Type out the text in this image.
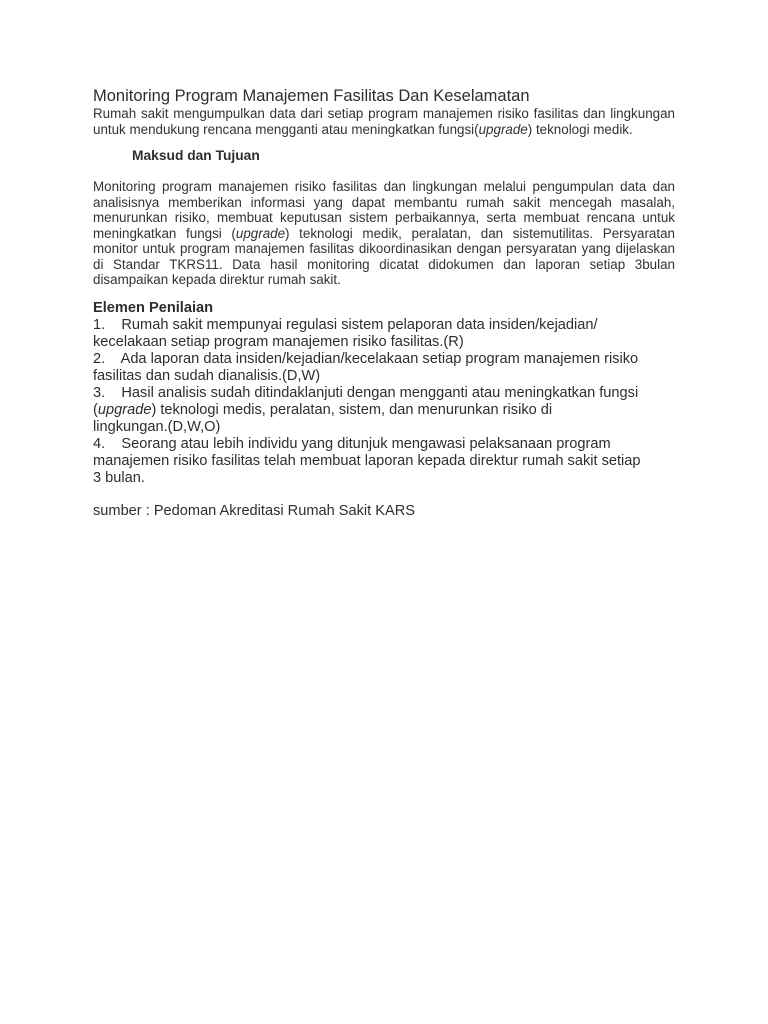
Monitoring Program Manajemen Fasilitas Dan Keselamatan

Rumah sakit mengumpulkan data dari setiap program manajemen risiko fasilitas dan lingkungan untuk mendukung rencana mengganti atau meningkatkan fungsi(upgrade) teknologi medik.

Maksud dan Tujuan

Monitoring program manajemen risiko fasilitas dan lingkungan melalui pengumpulan data dan analisisnya memberikan informasi yang dapat membantu rumah sakit mencegah masalah, menurunkan risiko, membuat keputusan sistem perbaikannya, serta membuat rencana untuk meningkatkan fungsi (upgrade) teknologi medik, peralatan, dan sistemutilitas. Persyaratan monitor untuk program manajemen fasilitas dikoordinasikan dengan persyaratan yang dijelaskan di Standar TKRS11. Data hasil monitoring dicatat didokumen dan laporan setiap 3bulan disampaikan kepada direktur rumah sakit.

Elemen Penilaian
1.    Rumah sakit mempunyai regulasi sistem pelaporan data insiden/kejadian/
kecelakaan setiap program manajemen risiko fasilitas.(R)
2.    Ada laporan data insiden/kejadian/kecelakaan setiap program manajemen risiko
fasilitas dan sudah dianalisis.(D,W)
3.    Hasil analisis sudah ditindaklanjuti dengan mengganti atau meningkatkan fungsi
(upgrade) teknologi medis, peralatan, sistem, dan menurunkan risiko di
lingkungan.(D,W,O)
4.    Seorang atau lebih individu yang ditunjuk mengawasi pelaksanaan program
manajemen risiko fasilitas telah membuat laporan kepada direktur rumah sakit setiap
3 bulan.

sumber : Pedoman Akreditasi Rumah Sakit KARS
